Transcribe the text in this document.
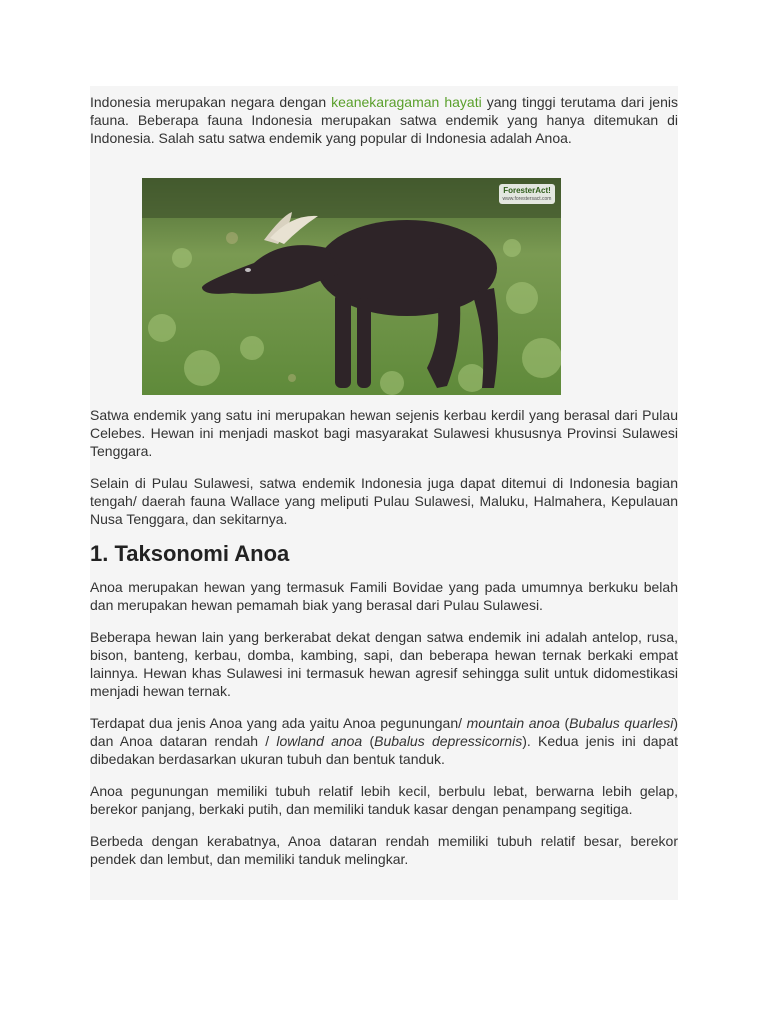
Indonesia merupakan negara dengan keanekaragaman hayati yang tinggi terutama dari jenis fauna. Beberapa fauna Indonesia merupakan satwa endemik yang hanya ditemukan di Indonesia. Salah satu satwa endemik yang popular di Indonesia adalah Anoa.

ForesterAct!
www.forestersact.com

Satwa endemik yang satu ini merupakan hewan sejenis kerbau kerdil yang berasal dari Pulau Celebes. Hewan ini menjadi maskot bagi masyarakat Sulawesi khususnya Provinsi Sulawesi Tenggara.

Selain di Pulau Sulawesi, satwa endemik Indonesia juga dapat ditemui di Indonesia bagian tengah/ daerah fauna Wallace yang meliputi Pulau Sulawesi, Maluku, Halmahera, Kepulauan Nusa Tenggara, dan sekitarnya.

1. Taksonomi Anoa

Anoa merupakan hewan yang termasuk Famili Bovidae yang pada umumnya berkuku belah dan merupakan hewan pemamah biak yang berasal dari Pulau Sulawesi.

Beberapa hewan lain yang berkerabat dekat dengan satwa endemik ini adalah antelop, rusa, bison, banteng, kerbau, domba, kambing, sapi, dan beberapa hewan ternak berkaki empat lainnya. Hewan khas Sulawesi ini termasuk hewan agresif sehingga sulit untuk didomestikasi menjadi hewan ternak.

Terdapat dua jenis Anoa yang ada yaitu Anoa pegunungan/ mountain anoa (Bubalus quarlesi) dan Anoa dataran rendah / lowland anoa (Bubalus depressicornis). Kedua jenis ini dapat dibedakan berdasarkan ukuran tubuh dan bentuk tanduk.

Anoa pegunungan memiliki tubuh relatif lebih kecil, berbulu lebat, berwarna lebih gelap, berekor panjang, berkaki putih, dan memiliki tanduk kasar dengan penampang segitiga.

Berbeda dengan kerabatnya, Anoa dataran rendah memiliki tubuh relatif besar, berekor pendek dan lembut, dan memiliki tanduk melingkar.
